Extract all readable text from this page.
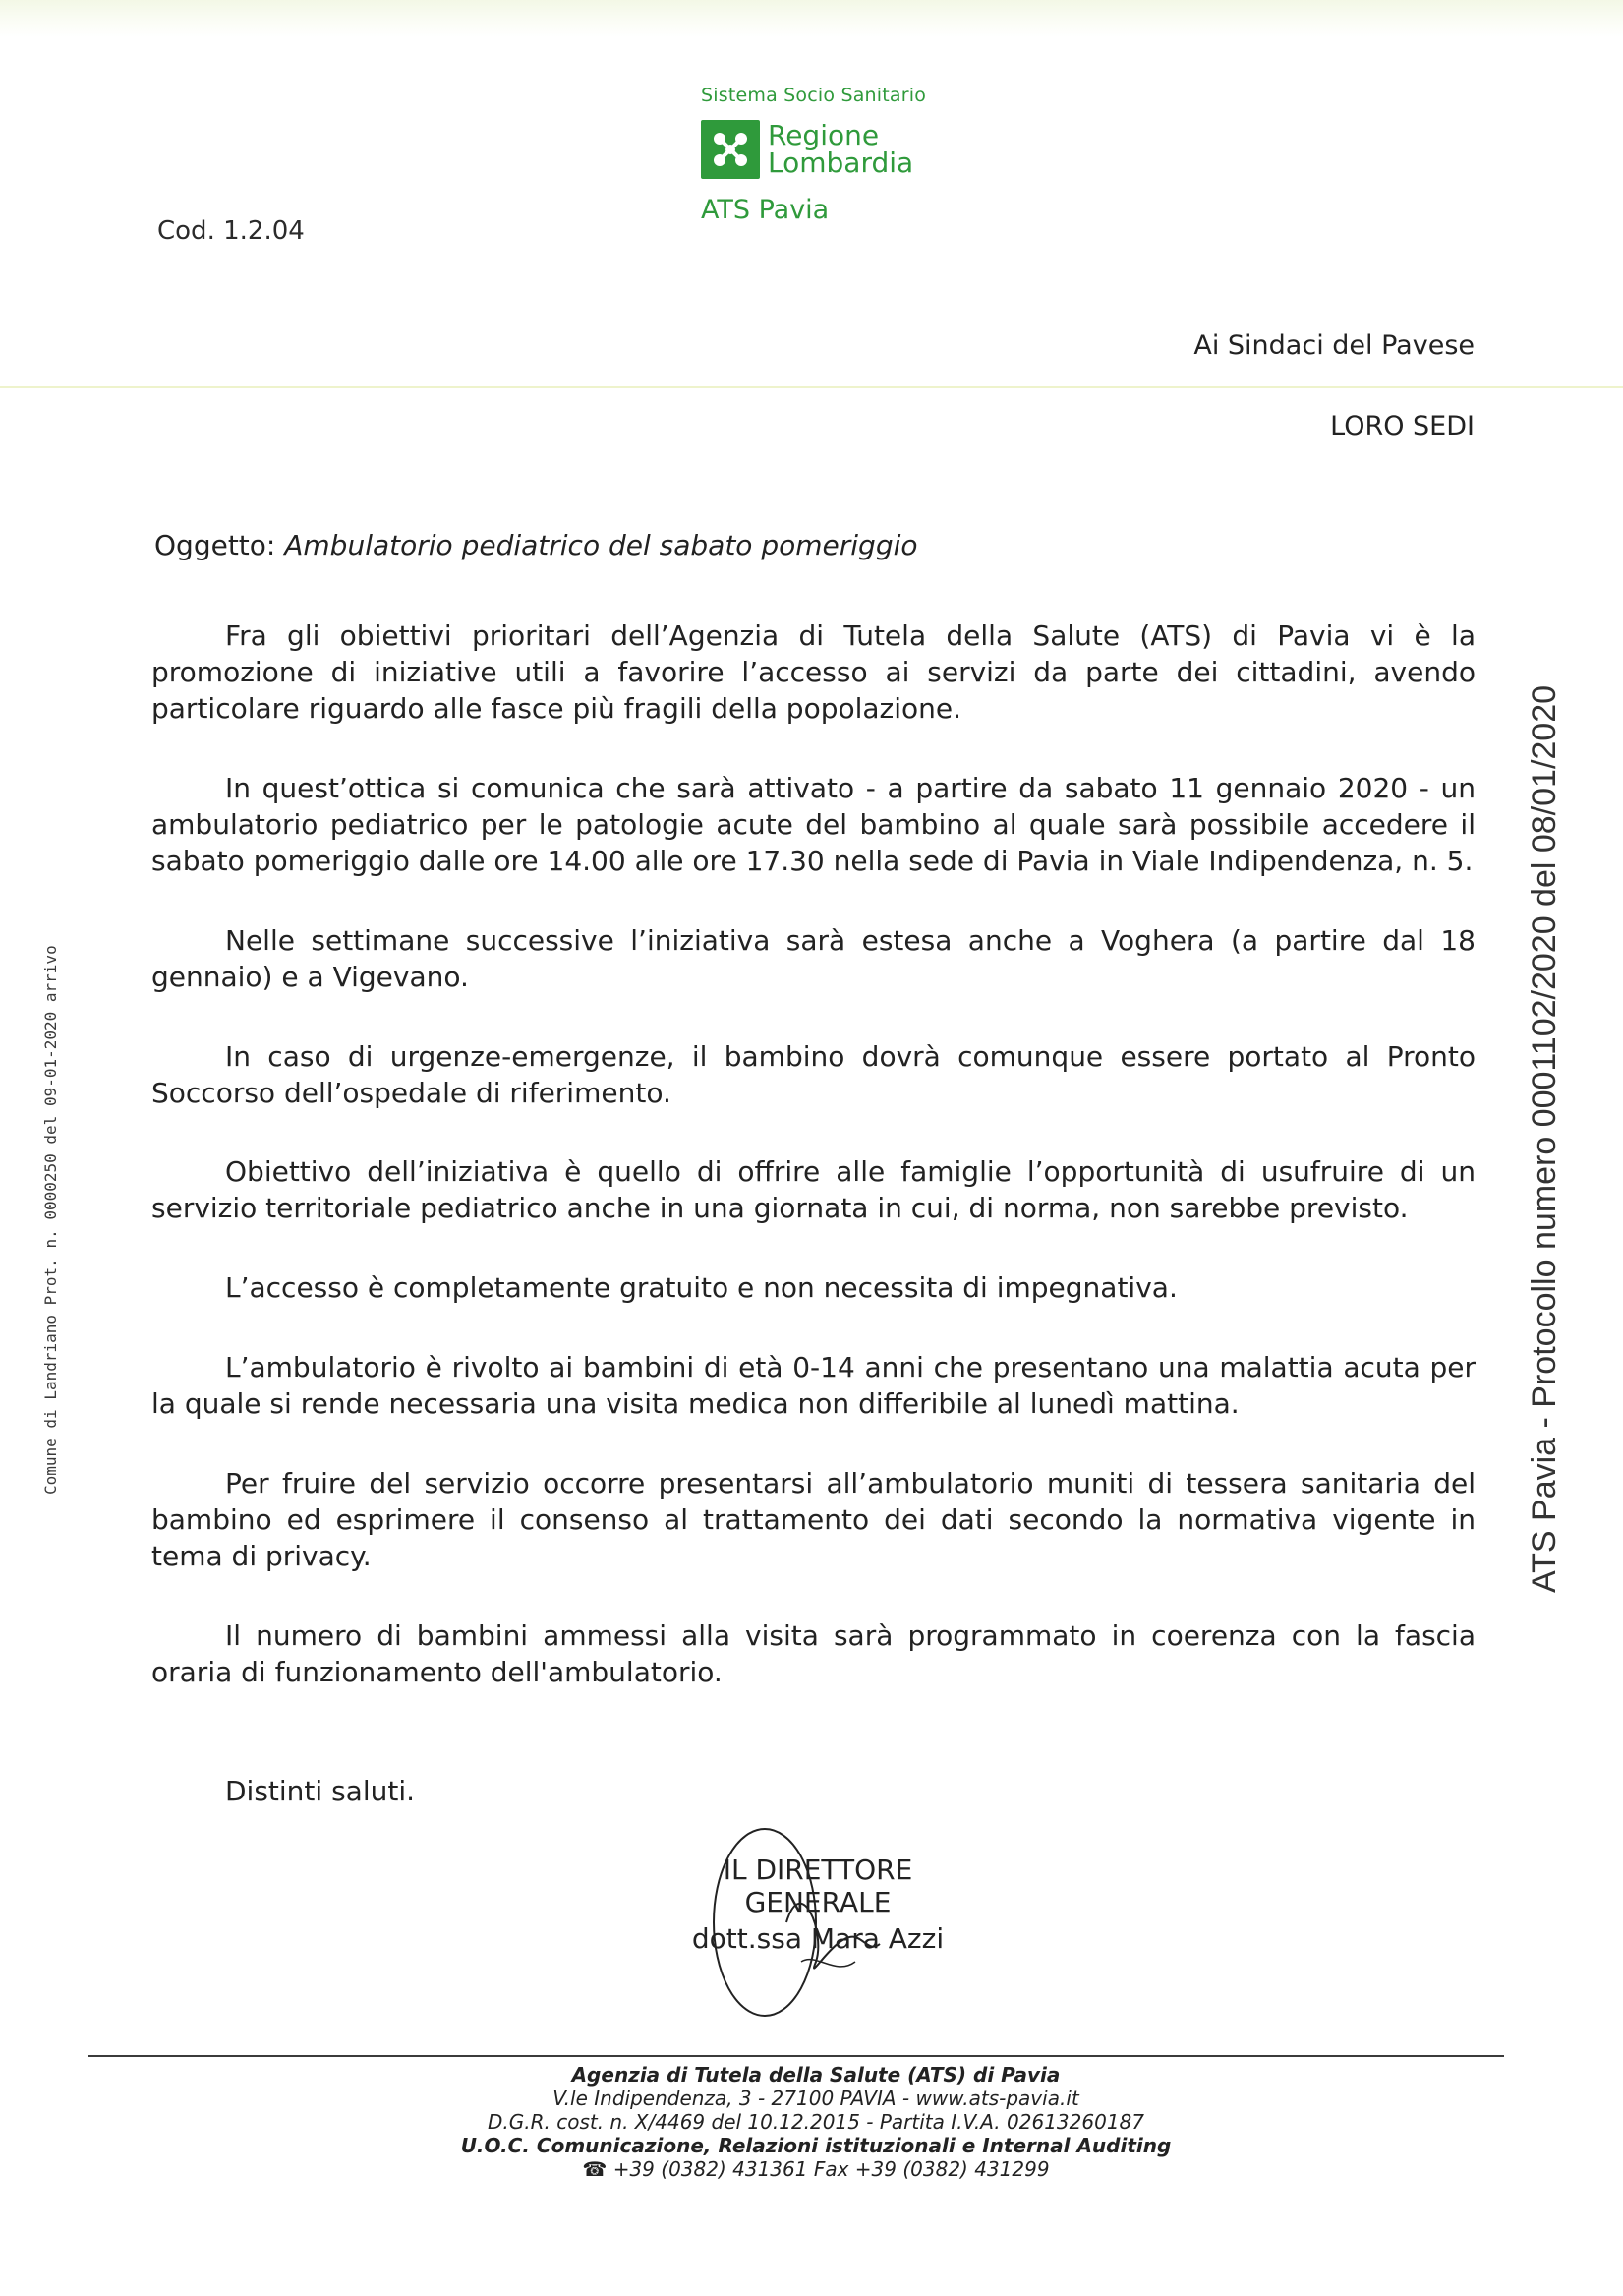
Sistema Socio Sanitario
Regione
Lombardia
ATS Pavia
Cod. 1.2.04
Ai Sindaci del Pavese
LORO SEDI
Oggetto: Ambulatorio pediatrico del sabato pomeriggio

Fra gli obiettivi prioritari dell’Agenzia di Tutela della Salute (ATS) di Pavia vi è la promozione di iniziative utili a favorire l’accesso ai servizi da parte dei cittadini, avendo particolare riguardo alle fasce più fragili della popolazione.

In quest’ottica si comunica che sarà attivato - a partire da sabato 11 gennaio 2020 - un ambulatorio pediatrico per le patologie acute del bambino al quale sarà possibile accedere il sabato pomeriggio dalle ore 14.00 alle ore 17.30 nella sede di Pavia in Viale Indipendenza, n. 5.

Nelle settimane successive l’iniziativa sarà estesa anche a Voghera (a partire dal 18 gennaio) e a Vigevano.

In caso di urgenze-emergenze, il bambino dovrà comunque essere portato al Pronto Soccorso dell’ospedale di riferimento.

Obiettivo dell’iniziativa è quello di offrire alle famiglie l’opportunità di usufruire di un servizio territoriale pediatrico anche in una giornata in cui, di norma, non sarebbe previsto.

L’accesso è completamente gratuito e non necessita di impegnativa.

L’ambulatorio è rivolto ai bambini di età 0-14 anni che presentano una malattia acuta per la quale si rende necessaria una visita medica non differibile al lunedì mattina.

Per fruire del servizio occorre presentarsi all’ambulatorio muniti di tessera sanitaria del bambino ed esprimere il consenso al trattamento dei dati secondo la normativa vigente in tema di privacy.

Il numero di bambini ammessi alla visita sarà programmato in coerenza con la fascia oraria di funzionamento dell'ambulatorio.

Distinti saluti.
IL DIRETTORE GENERALE
dott.ssa Mara Azzi
Comune di Landriano Prot. n. 0000250 del 09-01-2020 arrivo	ATS Pavia - Protocollo numero 0001102/2020 del 08/01/2020
Agenzia di Tutela della Salute (ATS) di Pavia
V.le Indipendenza, 3 - 27100 PAVIA - www.ats-pavia.it
D.G.R. cost. n. X/4469 del 10.12.2015 - Partita I.V.A. 02613260187
U.O.C. Comunicazione, Relazioni istituzionali e Internal Auditing
☎ +39 (0382) 431361 Fax +39 (0382) 431299
